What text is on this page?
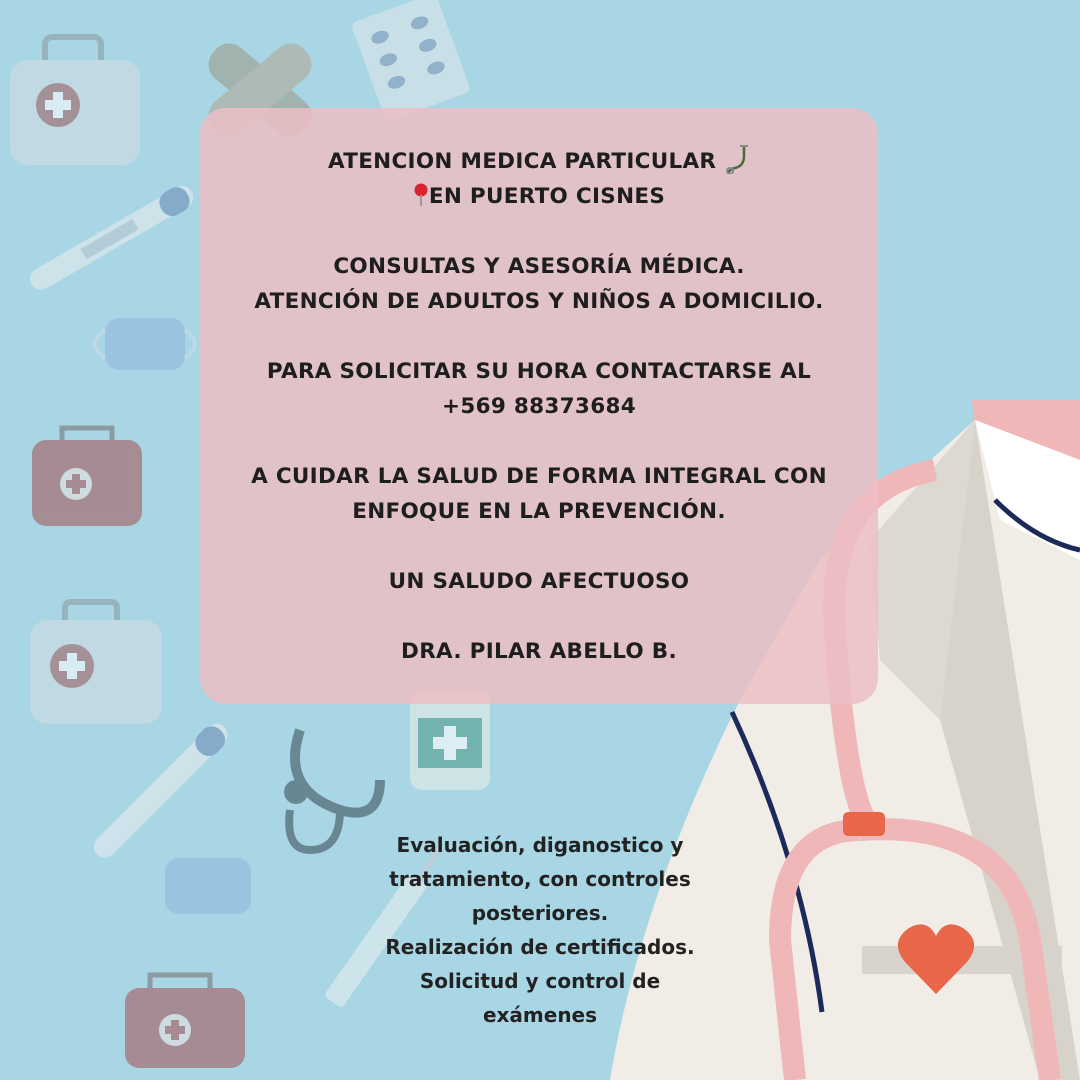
ATENCION MEDICA PARTICULAR
EN PUERTO CISNES
CONSULTAS Y ASESORÍA MÉDICA.
ATENCIÓN DE ADULTOS Y NIÑOS A DOMICILIO.
PARA SOLICITAR SU HORA CONTACTARSE AL
+569 88373684
A CUIDAR LA SALUD DE FORMA INTEGRAL CON
ENFOQUE EN LA PREVENCIÓN.
UN SALUDO AFECTUOSO
DRA. PILAR ABELLO B.
Evaluación, diganostico y
tratamiento, con controles
posteriores.
Realización de certificados.
Solicitud y control de
exámenes
